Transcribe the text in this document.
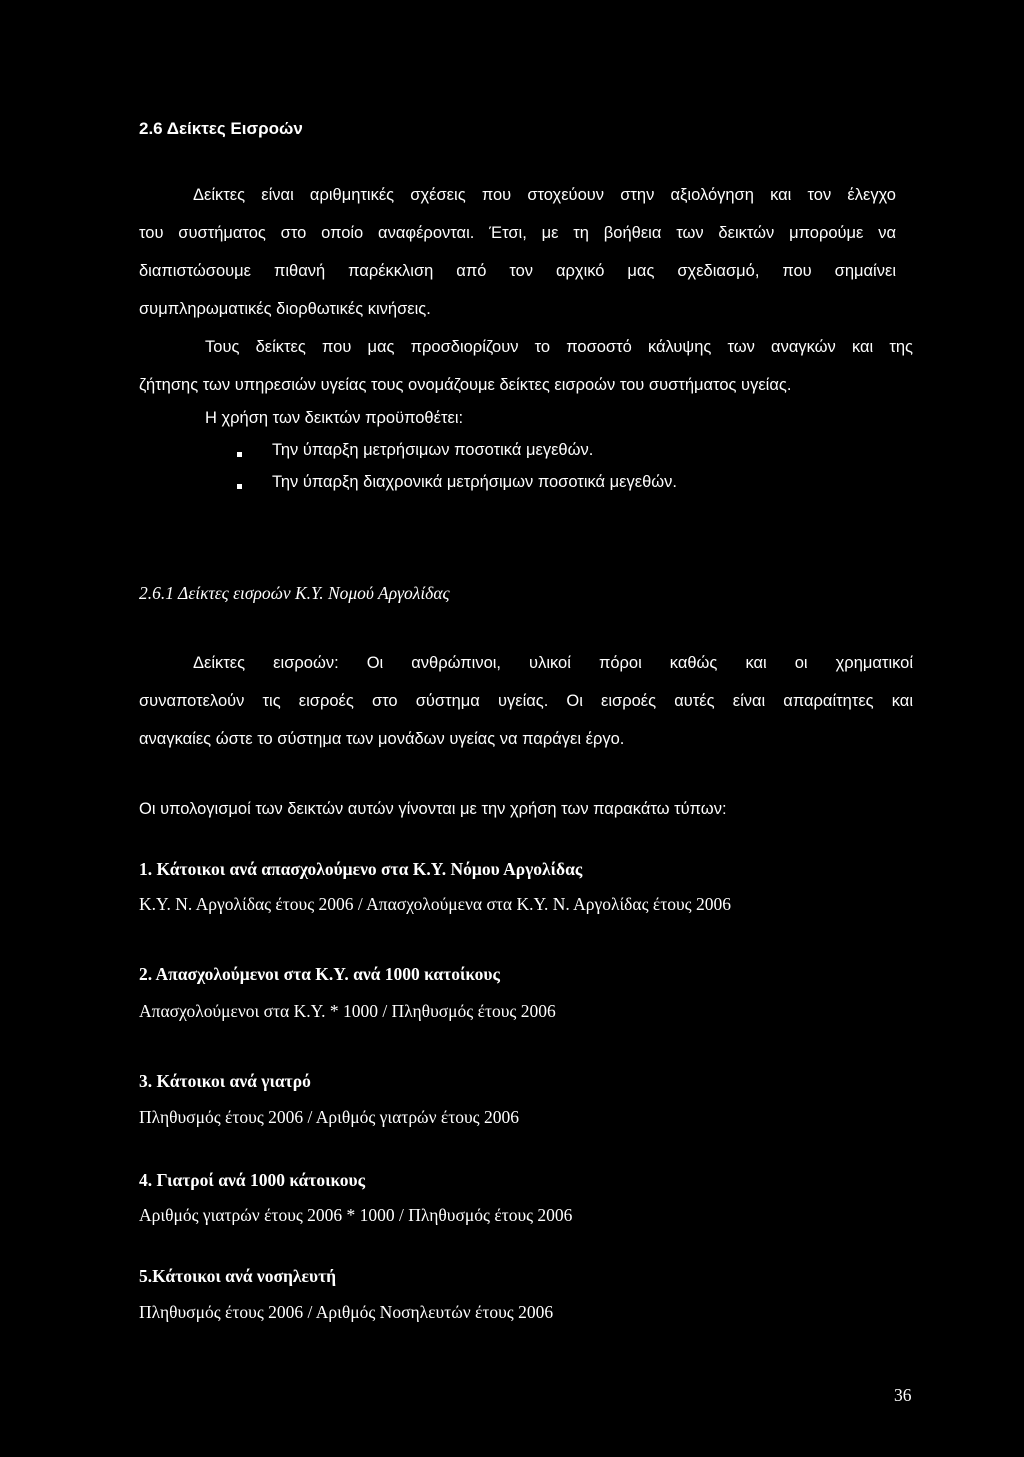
2.6 Δείκτες Εισροών
Δείκτες είναι αριθμητικές σχέσεις που στοχεύουν στην αξιολόγηση και τον έλεγχο
του συστήματος στο οποίο αναφέρονται. Έτσι, με τη βοήθεια των δεικτών μπορούμε να
διαπιστώσουμε πιθανή παρέκκλιση από τον αρχικό μας σχεδιασμό, που σημαίνει
συμπληρωματικές διορθωτικές κινήσεις.
Τους δείκτες που μας προσδιορίζουν το ποσοστό κάλυψης των αναγκών και της
ζήτησης των υπηρεσιών υγείας τους ονομάζουμε δείκτες εισροών του συστήματος υγείας.
Η χρήση των δεικτών προϋποθέτει:
Την ύπαρξη μετρήσιμων ποσοτικά μεγεθών.
Την ύπαρξη διαχρονικά μετρήσιμων ποσοτικά μεγεθών.
2.6.1 Δείκτες εισροών Κ.Υ. Νομού Αργολίδας
Δείκτες εισροών: Οι ανθρώπινοι, υλικοί πόροι καθώς και οι χρηματικοί
συναποτελούν τις εισροές στο σύστημα υγείας. Οι εισροές αυτές είναι απαραίτητες και
αναγκαίες ώστε το σύστημα των μονάδων υγείας να παράγει έργο.
Οι υπολογισμοί των δεικτών αυτών γίνονται με την χρήση των παρακάτω τύπων:
1. Κάτοικοι ανά απασχολούμενο στα Κ.Υ. Νόμου Αργολίδας
Κ.Υ. Ν. Αργολίδας έτους 2006 / Απασχολούμενα στα Κ.Υ. Ν. Αργολίδας έτους 2006
2. Απασχολούμενοι στα Κ.Υ. ανά 1000 κατοίκους
Απασχολούμενοι στα Κ.Υ. * 1000 / Πληθυσμός έτους 2006
3. Κάτοικοι ανά γιατρό
Πληθυσμός έτους 2006 / Αριθμός γιατρών έτους 2006
4. Γιατροί ανά 1000 κάτοικους
Αριθμός γιατρών έτους 2006 * 1000 / Πληθυσμός έτους 2006
5.Κάτοικοι ανά νοσηλευτή
Πληθυσμός έτους 2006 / Αριθμός Νοσηλευτών έτους 2006
36
